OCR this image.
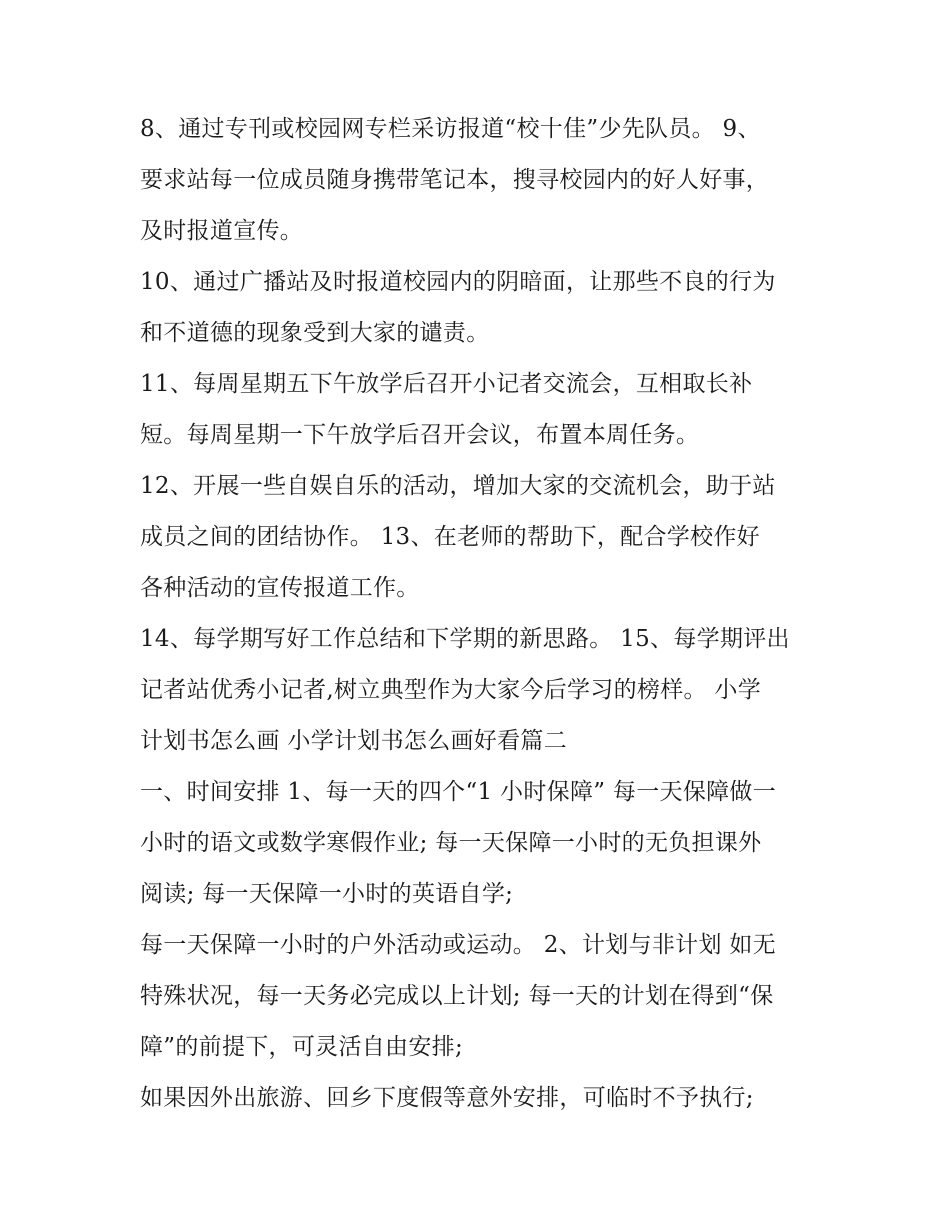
8、通过专刊或校园网专栏采访报道“校十佳”少先队员。 9、
要求站每一位成员随身携带笔记本，搜寻校园内的好人好事，
及时报道宣传。
10、通过广播站及时报道校园内的阴暗面，让那些不良的行为
和不道德的现象受到大家的谴责。
11、每周星期五下午放学后召开小记者交流会，互相取长补
短。每周星期一下午放学后召开会议，布置本周任务。
12、开展一些自娱自乐的活动，增加大家的交流机会，助于站
成员之间的团结协作。 13、在老师的帮助下，配合学校作好
各种活动的宣传报道工作。
14、每学期写好工作总结和下学期的新思路。 15、每学期评出
记者站优秀小记者,树立典型作为大家今后学习的榜样。 小学
计划书怎么画 小学计划书怎么画好看篇二
一、时间安排 1、每一天的四个“1 小时保障” 每一天保障做一
小时的语文或数学寒假作业; 每一天保障一小时的无负担课外
阅读; 每一天保障一小时的英语自学;
每一天保障一小时的户外活动或运动。 2、计划与非计划 如无
特殊状况，每一天务必完成以上计划; 每一天的计划在得到“保
障”的前提下，可灵活自由安排;
如果因外出旅游、回乡下度假等意外安排，可临时不予执行;
